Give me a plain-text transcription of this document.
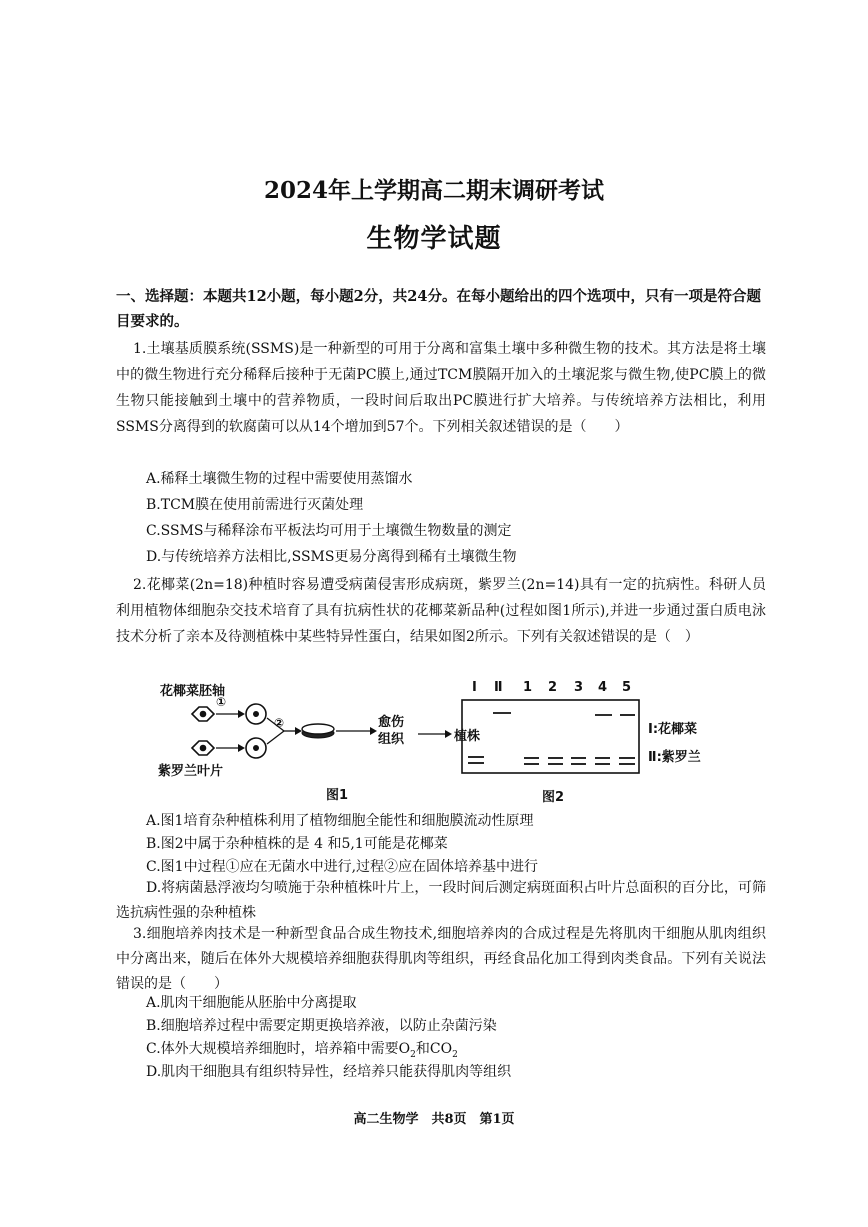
2024年上学期高二期末调研考试
生物学试题
一、选择题：本题共12小题，每小题2分，共24分。在每小题给出的四个选项中，只有一项是符合题目要求的。
1.土壤基质膜系统(SSMS)是一种新型的可用于分离和富集土壤中多种微生物的技术。其方法是将土壤中的微生物进行充分稀释后接种于无菌PC膜上,通过TCM膜隔开加入的土壤泥浆与微生物,使PC膜上的微生物只能接触到土壤中的营养物质，一段时间后取出PC膜进行扩大培养。与传统培养方法相比，利用SSMS分离得到的软腐菌可以从14个增加到57个。下列相关叙述错误的是（　　）
A.稀释土壤微生物的过程中需要使用蒸馏水
B.TCM膜在使用前需进行灭菌处理
C.SSMS与稀释涂布平板法均可用于土壤微生物数量的测定
D.与传统培养方法相比,SSMS更易分离得到稀有土壤微生物
2.花椰菜(2n=18)种植时容易遭受病菌侵害形成病斑，紫罗兰(2n=14)具有一定的抗病性。科研人员利用植物体细胞杂交技术培育了具有抗病性状的花椰菜新品种(过程如图1所示),并进一步通过蛋白质电泳技术分析了亲本及待测植株中某些特异性蛋白，结果如图2所示。下列有关叙述错误的是（　）
花椰菜胚轴
①
②
紫罗兰叶片
愈伤组织	植株
图1
Ⅰ Ⅱ 1 2 3 4 5
Ⅰ:花椰菜
Ⅱ:紫罗兰
图2
A.图1培育杂种植株利用了植物细胞全能性和细胞膜流动性原理
B.图2中属于杂种植株的是 4 和5,1可能是花椰菜
C.图1中过程①应在无菌水中进行,过程②应在固体培养基中进行
D.将病菌悬浮液均匀喷施于杂种植株叶片上，一段时间后测定病斑面积占叶片总面积的百分比，可筛选抗病性强的杂种植株
3.细胞培养肉技术是一种新型食品合成生物技术,细胞培养肉的合成过程是先将肌肉干细胞从肌肉组织中分离出来，随后在体外大规模培养细胞获得肌肉等组织，再经食品化加工得到肉类食品。下列有关说法错误的是（　　）
A.肌肉干细胞能从胚胎中分离提取
B.细胞培养过程中需要定期更换培养液，以防止杂菌污染
C.体外大规模培养细胞时，培养箱中需要$O_2$和$CO_2$
D.肌肉干细胞具有组织特异性，经培养只能获得肌肉等组织
高二生物学　共8页　第1页
